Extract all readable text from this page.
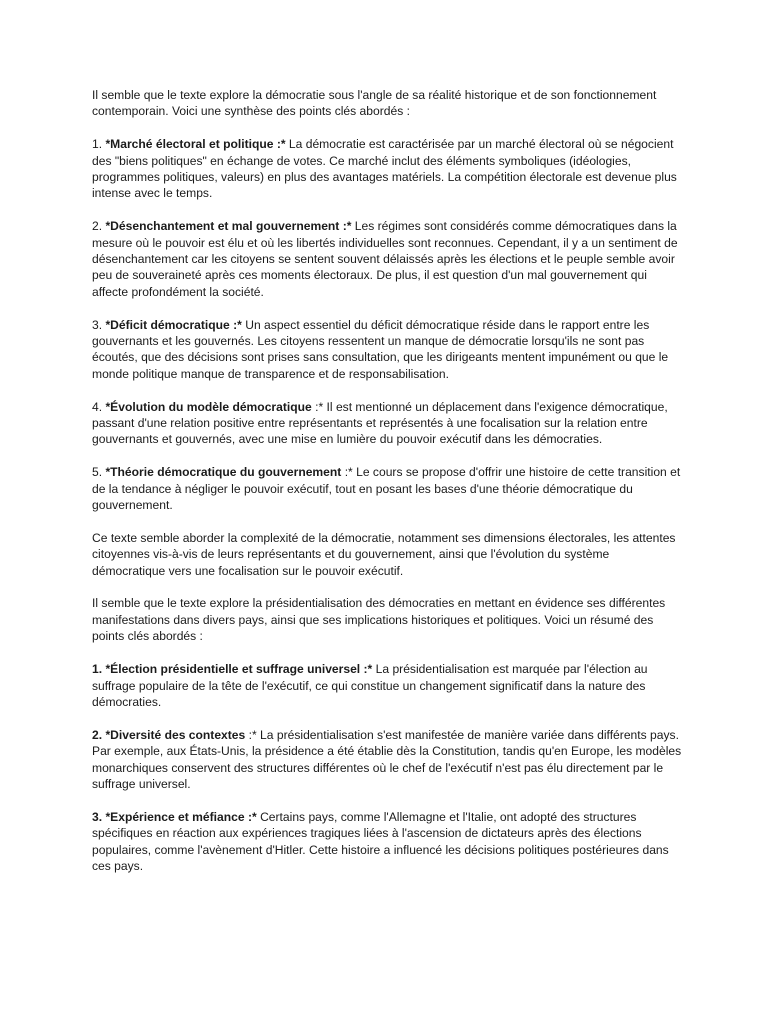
Il semble que le texte explore la démocratie sous l'angle de sa réalité historique et de son fonctionnement contemporain. Voici une synthèse des points clés abordés :

1. *Marché électoral et politique :* La démocratie est caractérisée par un marché électoral où se négocient des "biens politiques" en échange de votes. Ce marché inclut des éléments symboliques (idéologies, programmes politiques, valeurs) en plus des avantages matériels. La compétition électorale est devenue plus intense avec le temps.

2. *Désenchantement et mal gouvernement :* Les régimes sont considérés comme démocratiques dans la mesure où le pouvoir est élu et où les libertés individuelles sont reconnues. Cependant, il y a un sentiment de désenchantement car les citoyens se sentent souvent délaissés après les élections et le peuple semble avoir peu de souveraineté après ces moments électoraux. De plus, il est question d'un mal gouvernement qui affecte profondément la société.

3. *Déficit démocratique :* Un aspect essentiel du déficit démocratique réside dans le rapport entre les gouvernants et les gouvernés. Les citoyens ressentent un manque de démocratie lorsqu'ils ne sont pas écoutés, que des décisions sont prises sans consultation, que les dirigeants mentent impunément ou que le monde politique manque de transparence et de responsabilisation.

4. *Évolution du modèle démocratique :* Il est mentionné un déplacement dans l'exigence démocratique, passant d'une relation positive entre représentants et représentés à une focalisation sur la relation entre gouvernants et gouvernés, avec une mise en lumière du pouvoir exécutif dans les démocraties.

5. *Théorie démocratique du gouvernement :* Le cours se propose d'offrir une histoire de cette transition et de la tendance à négliger le pouvoir exécutif, tout en posant les bases d'une théorie démocratique du gouvernement.

Ce texte semble aborder la complexité de la démocratie, notamment ses dimensions électorales, les attentes citoyennes vis-à-vis de leurs représentants et du gouvernement, ainsi que l'évolution du système démocratique vers une focalisation sur le pouvoir exécutif.

Il semble que le texte explore la présidentialisation des démocraties en mettant en évidence ses différentes manifestations dans divers pays, ainsi que ses implications historiques et politiques. Voici un résumé des points clés abordés :

1. *Élection présidentielle et suffrage universel :* La présidentialisation est marquée par l'élection au suffrage populaire de la tête de l'exécutif, ce qui constitue un changement significatif dans la nature des démocraties.

2. *Diversité des contextes :* La présidentialisation s'est manifestée de manière variée dans différents pays. Par exemple, aux États-Unis, la présidence a été établie dès la Constitution, tandis qu'en Europe, les modèles monarchiques conservent des structures différentes où le chef de l'exécutif n'est pas élu directement par le suffrage universel.

3. *Expérience et méfiance :* Certains pays, comme l'Allemagne et l'Italie, ont adopté des structures spécifiques en réaction aux expériences tragiques liées à l'ascension de dictateurs après des élections populaires, comme l'avènement d'Hitler. Cette histoire a influencé les décisions politiques postérieures dans ces pays.
